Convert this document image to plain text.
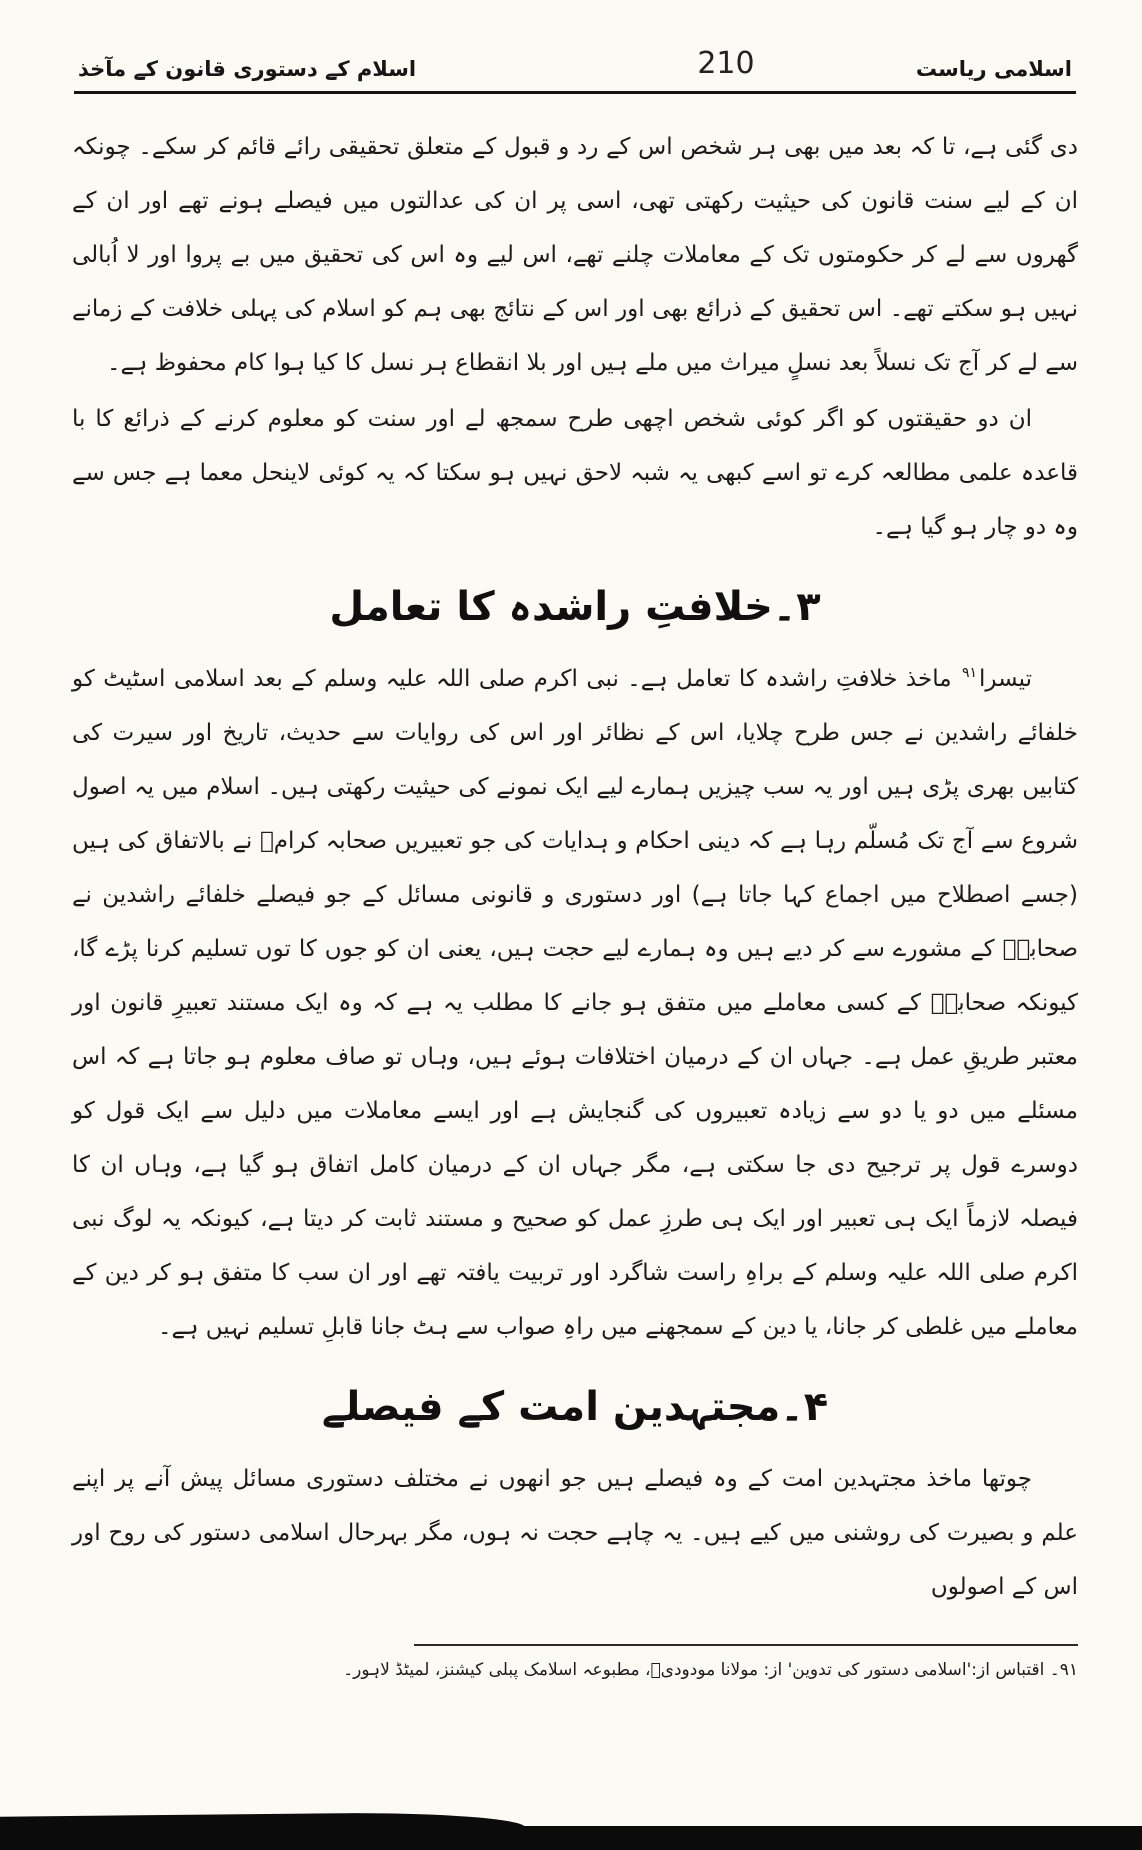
اسلامی ریاست
210
اسلام کے دستوری قانون کے مآخذ

دی گئی ہے، تا کہ بعد میں بھی ہر شخص اس کے رد و قبول کے متعلق تحقیقی رائے قائم کر سکے۔ چونکہ ان کے لیے سنت قانون کی حیثیت رکھتی تھی، اسی پر ان کی عدالتوں میں فیصلے ہونے تھے اور ان کے گھروں سے لے کر حکومتوں تک کے معاملات چلنے تھے، اس لیے وہ اس کی تحقیق میں بے پروا اور لا اُبالی نہیں ہو سکتے تھے۔ اس تحقیق کے ذرائع بھی اور اس کے نتائج بھی ہم کو اسلام کی پہلی خلافت کے زمانے سے لے کر آج تک نسلاً بعد نسلٍ میراث میں ملے ہیں اور بلا انقطاع ہر نسل کا کیا ہوا کام محفوظ ہے۔

ان دو حقیقتوں کو اگر کوئی شخص اچھی طرح سمجھ لے اور سنت کو معلوم کرنے کے ذرائع کا با قاعدہ علمی مطالعہ کرے تو اسے کبھی یہ شبہ لاحق نہیں ہو سکتا کہ یہ کوئی لاینحل معما ہے جس سے وہ دو چار ہو گیا ہے۔

۳۔خلافتِ راشدہ کا تعامل

تیسرا$^{۹۱}$ ماخذ خلافتِ راشدہ کا تعامل ہے۔ نبی اکرم صلی اللہ علیہ وسلم کے بعد اسلامی اسٹیٹ کو خلفائے راشدین نے جس طرح چلایا، اس کے نظائر اور اس کی روایات سے حدیث، تاریخ اور سیرت کی کتابیں بھری پڑی ہیں اور یہ سب چیزیں ہمارے لیے ایک نمونے کی حیثیت رکھتی ہیں۔ اسلام میں یہ اصول شروع سے آج تک مُسلّم رہا ہے کہ دینی احکام و ہدایات کی جو تعبیریں صحابہ کرامؓ نے بالاتفاق کی ہیں (جسے اصطلاح میں اجماع کہا جاتا ہے) اور دستوری و قانونی مسائل کے جو فیصلے خلفائے راشدین نے صحابہؓ کے مشورے سے کر دیے ہیں وہ ہمارے لیے حجت ہیں، یعنی ان کو جوں کا توں تسلیم کرنا پڑے گا، کیونکہ صحابہؓ کے کسی معاملے میں متفق ہو جانے کا مطلب یہ ہے کہ وہ ایک مستند تعبیرِ قانون اور معتبر طریقِ عمل ہے۔ جہاں ان کے درمیان اختلافات ہوئے ہیں، وہاں تو صاف معلوم ہو جاتا ہے کہ اس مسئلے میں دو یا دو سے زیادہ تعبیروں کی گنجایش ہے اور ایسے معاملات میں دلیل سے ایک قول کو دوسرے قول پر ترجیح دی جا سکتی ہے، مگر جہاں ان کے درمیان کامل اتفاق ہو گیا ہے، وہاں ان کا فیصلہ لازماً ایک ہی تعبیر اور ایک ہی طرزِ عمل کو صحیح و مستند ثابت کر دیتا ہے، کیونکہ یہ لوگ نبی اکرم صلی اللہ علیہ وسلم کے براہِ راست شاگرد اور تربیت یافتہ تھے اور ان سب کا متفق ہو کر دین کے معاملے میں غلطی کر جانا، یا دین کے سمجھنے میں راہِ صواب سے ہٹ جانا قابلِ تسلیم نہیں ہے۔

۴۔مجتہدین امت کے فیصلے

چوتھا ماخذ مجتہدین امت کے وہ فیصلے ہیں جو انھوں نے مختلف دستوری مسائل پیش آنے پر اپنے علم و بصیرت کی روشنی میں کیے ہیں۔ یہ چاہے حجت نہ ہوں، مگر بہرحال اسلامی دستور کی روح اور اس کے اصولوں

۹۱۔ اقتباس از:'اسلامی دستور کی تدوین' از: مولانا مودودیؒ، مطبوعہ اسلامک پبلی کیشنز، لمیٹڈ لاہور۔
